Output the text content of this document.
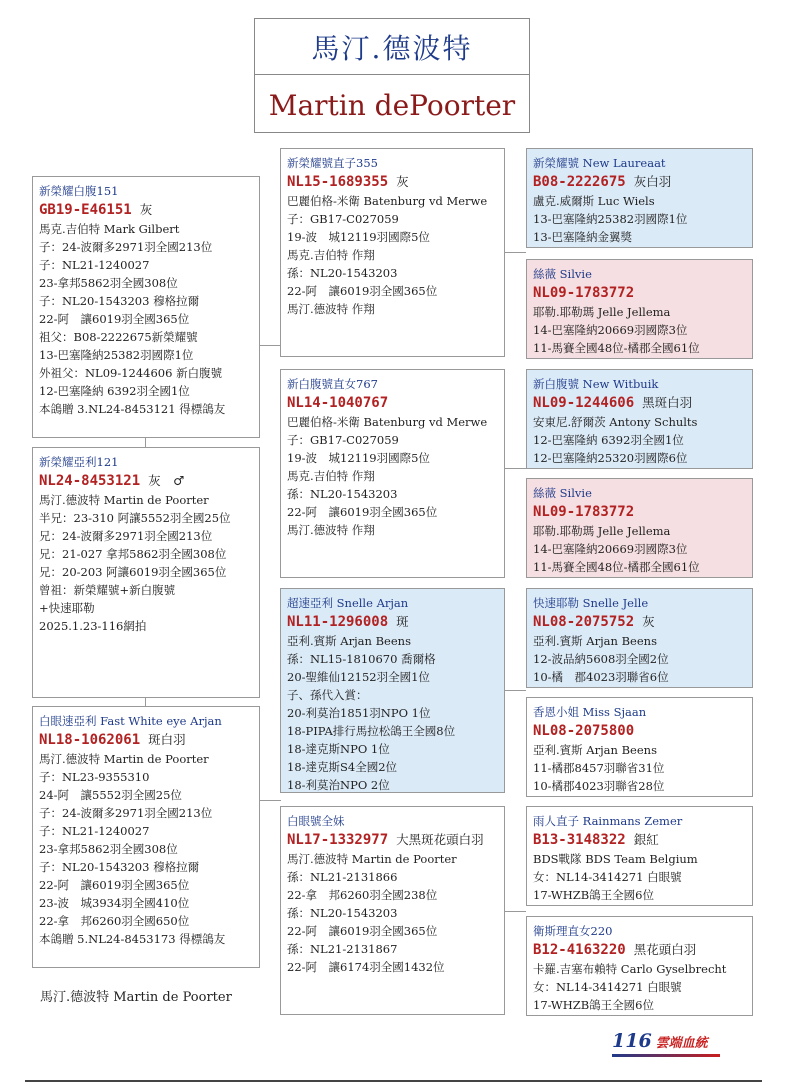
馬汀.德波特
Martin dePoorter
新榮耀白腹151
GB19-E46151 灰
馬克.吉伯特 Mark Gilbert
子：24-波爾多2971羽全國213位
子：NL21-1240027
23-拿邦5862羽全國308位
子：NL20-1543203 穆格拉爾
22-阿　讓6019羽全國365位
祖父：B08-2222675新榮耀號
13-巴塞隆納25382羽國際1位
外祖父：NL09-1244606 新白腹號
12-巴塞隆納 6392羽全國1位
本鴿贈 3.NL24-8453121 得標鴿友
新榮耀亞利121
NL24-8453121 灰　♂
馬汀.德波特 Martin de Poorter
半兄：23-310 阿讓5552羽全國25位
兄：24-波爾多2971羽全國213位
兄：21-027 拿邦5862羽全國308位
兄：20-203 阿讓6019羽全國365位
曾祖：新榮耀號+新白腹號
+快速耶勒
2025.1.23-116網拍
白眼速亞利 Fast White eye Arjan
NL18-1062061 斑白羽
馬汀.德波特 Martin de Poorter
子：NL23-9355310
24-阿　讓5552羽全國25位
子：24-波爾多2971羽全國213位
子：NL21-1240027
23-拿邦5862羽全國308位
子：NL20-1543203 穆格拉爾
22-阿　讓6019羽全國365位
23-波　城3934羽全國410位
22-拿　邦6260羽全國650位
本鴿贈 5.NL24-8453173 得標鴿友
新榮耀號直子355
NL15-1689355 灰
巴麗伯格-米衛 Batenburg vd Merwe
子：GB17-C027059
19-波　城12119羽國際5位
馬克.吉伯特 作翔
孫：NL20-1543203
22-阿　讓6019羽全國365位
馬汀.德波特 作翔
新白腹號直女767
NL14-1040767
巴麗伯格-米衛 Batenburg vd Merwe
子：GB17-C027059
19-波　城12119羽國際5位
馬克.吉伯特 作翔
孫：NL20-1543203
22-阿　讓6019羽全國365位
馬汀.德波特 作翔
超速亞利 Snelle Arjan
NL11-1296008 斑
亞利.賓斯 Arjan Beens
孫：NL15-1810670 喬爾格
20-聖維仙12152羽全國1位
子、孫代入賞：
20-利莫治1851羽NPO 1位
18-PIPA排行馬拉松鴿王全國8位
18-達克斯NPO 1位
18-達克斯S4全國2位
18-利莫治NPO 2位
白眼號全妹
NL17-1332977 大黑斑花頭白羽
馬汀.德波特 Martin de Poorter
孫：NL21-2131866
22-拿　邦6260羽全國238位
孫：NL20-1543203
22-阿　讓6019羽全國365位
孫：NL21-2131867
22-阿　讓6174羽全國1432位
新榮耀號 New Laureaat
B08-2222675 灰白羽
盧克.威爾斯 Luc Wiels
13-巴塞隆納25382羽國際1位
13-巴塞隆納金翼獎
絲薇 Silvie
NL09-1783772
耶勒.耶勒瑪 Jelle Jellema
14-巴塞隆納20669羽國際3位
11-馬賽全國48位-橘郡全國61位
新白腹號 New Witbuik
NL09-1244606 黑斑白羽
安東尼.舒爾茨 Antony Schults
12-巴塞隆納 6392羽全國1位
12-巴塞隆納25320羽國際6位
絲薇 Silvie
NL09-1783772
耶勒.耶勒瑪 Jelle Jellema
14-巴塞隆納20669羽國際3位
11-馬賽全國48位-橘郡全國61位
快速耶勒 Snelle Jelle
NL08-2075752 灰
亞利.賓斯 Arjan Beens
12-波品納5608羽全國2位
10-橘　郡4023羽聯省6位
香恩小姐 Miss Sjaan
NL08-2075800
亞利.賓斯 Arjan Beens
11-橘郡8457羽聯省31位
10-橘郡4023羽聯省28位
雨人直子 Rainmans Zemer
B13-3148322 銀紅
BDS戰隊 BDS Team Belgium
女：NL14-3414271 白眼號
17-WHZB鴿王全國6位
衛斯理直女220
B12-4163220 黑花頭白羽
卡羅.吉塞布賴特 Carlo Gyselbrecht
女：NL14-3414271 白眼號
17-WHZB鴿王全國6位
馬汀.德波特 Martin de Poorter
116 雲端血統
